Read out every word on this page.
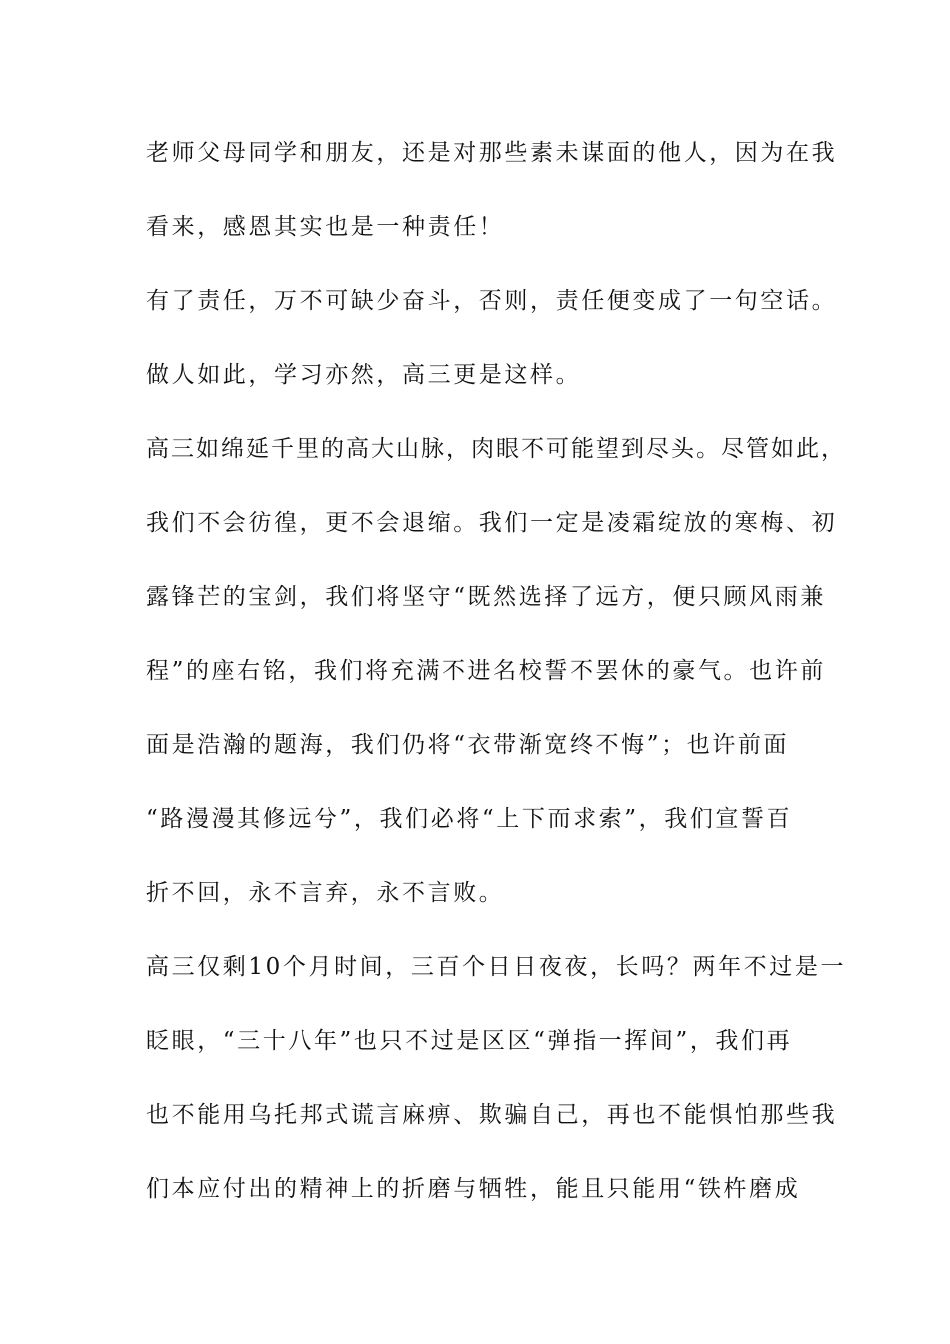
老师父母同学和朋友，还是对那些素未谋面的他人，因为在我
看来，感恩其实也是一种责任！
有了责任，万不可缺少奋斗，否则，责任便变成了一句空话。
做人如此，学习亦然，高三更是这样。
高三如绵延千里的高大山脉，肉眼不可能望到尽头。尽管如此，
我们不会彷徨，更不会退缩。我们一定是凌霜绽放的寒梅、初
露锋芒的宝剑，我们将坚守“既然选择了远方，便只顾风雨兼
程”的座右铭，我们将充满不进名校誓不罢休的豪气。也许前
面是浩瀚的题海，我们仍将“衣带渐宽终不悔”；也许前面
“路漫漫其修远兮”，我们必将“上下而求索”，我们宣誓百
折不回，永不言弃，永不言败。
高三仅剩10个月时间，三百个日日夜夜，长吗？两年不过是一
眨眼，“三十八年”也只不过是区区“弹指一挥间”，我们再
也不能用乌托邦式谎言麻痹、欺骗自己，再也不能惧怕那些我
们本应付出的精神上的折磨与牺牲，能且只能用“铁杵磨成
